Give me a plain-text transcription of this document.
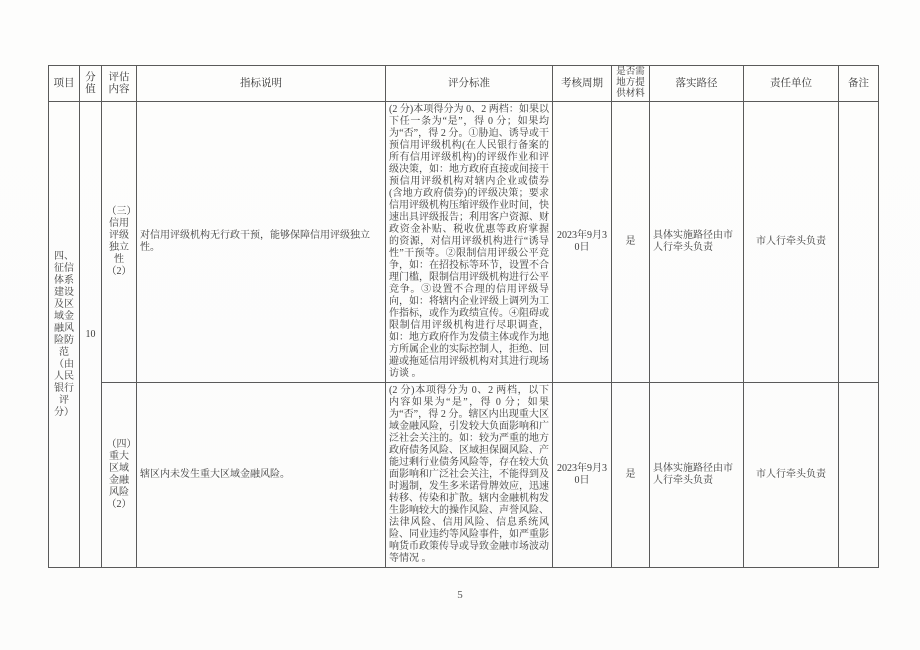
项目	分值	评估内容	指标说明	评分标准	考核周期	是否需地方提供材料	落实路径	责任单位	备注
四、征信体系建设及区域金融风险防范（由人民银行评分）	10	（三）信用评级独立性（2）	对信用评级机构无行政干预，能够保障信用评级独立性。	(2 分)本项得分为 0、2 两档：如果以下任一条为“是”，得 0 分；如果均为“否”，得 2 分。①胁迫、诱导或干预信用评级机构(在人民银行备案的所有信用评级机构)的评级作业和评级决策，如：地方政府直接或间接干预信用评级机构对辖内企业或债券(含地方政府债券)的评级决策；要求信用评级机构压缩评级作业时间，快速出具评级报告；利用客户资源、财政资金补贴、税收优惠等政府掌握 的资源，对信用评级机构进行“诱导性”干预等。②限制信用评级公平竞 争，如：在招投标等环节，设置不合理门槛，限制信用评级机构进行公平 竞争。③设置不合理的信用评级导 向，如：将辖内企业评级上调列为工 作指标，或作为政绩宣传。④阻碍或限制信用评级机构进行尽职调查， 如：地方政府作为发债主体或作为地方所属企业的实际控制人，拒绝、回避或拖延信用评级机构对其进行现场访谈 。	2023年9月30日	是	具体实施路径由市人行牵头负责	市人行牵头负责	
		（四）重大区域金融风险（2）	辖区内未发生重大区域金融风险。	(2 分)本项得分为 0、2 两档，以下 内容如果为“是”，得 0 分；如果为“否”，得 2 分。辖区内出现重大区域金融风险，引发较大负面影响和广泛社会关注的。如：较为严重的地方政府债务风险、区域担保圈风险、产能过剩行业债务风险等，存在较大负面影响和广泛社会关注，不能得到及 时遏制，发生多米诺骨牌效应，迅速 转移、传染和扩散。辖内金融机构发生影响较大的操作风险、声誉风险、 法律风险、信用风险、信息系统风险、同业违约等风险事件，如严重影响货币政策传导或导致金融市场波动等情况 。	2023年9月30日	是	具体实施路径由市人行牵头负责	市人行牵头负责	
5
